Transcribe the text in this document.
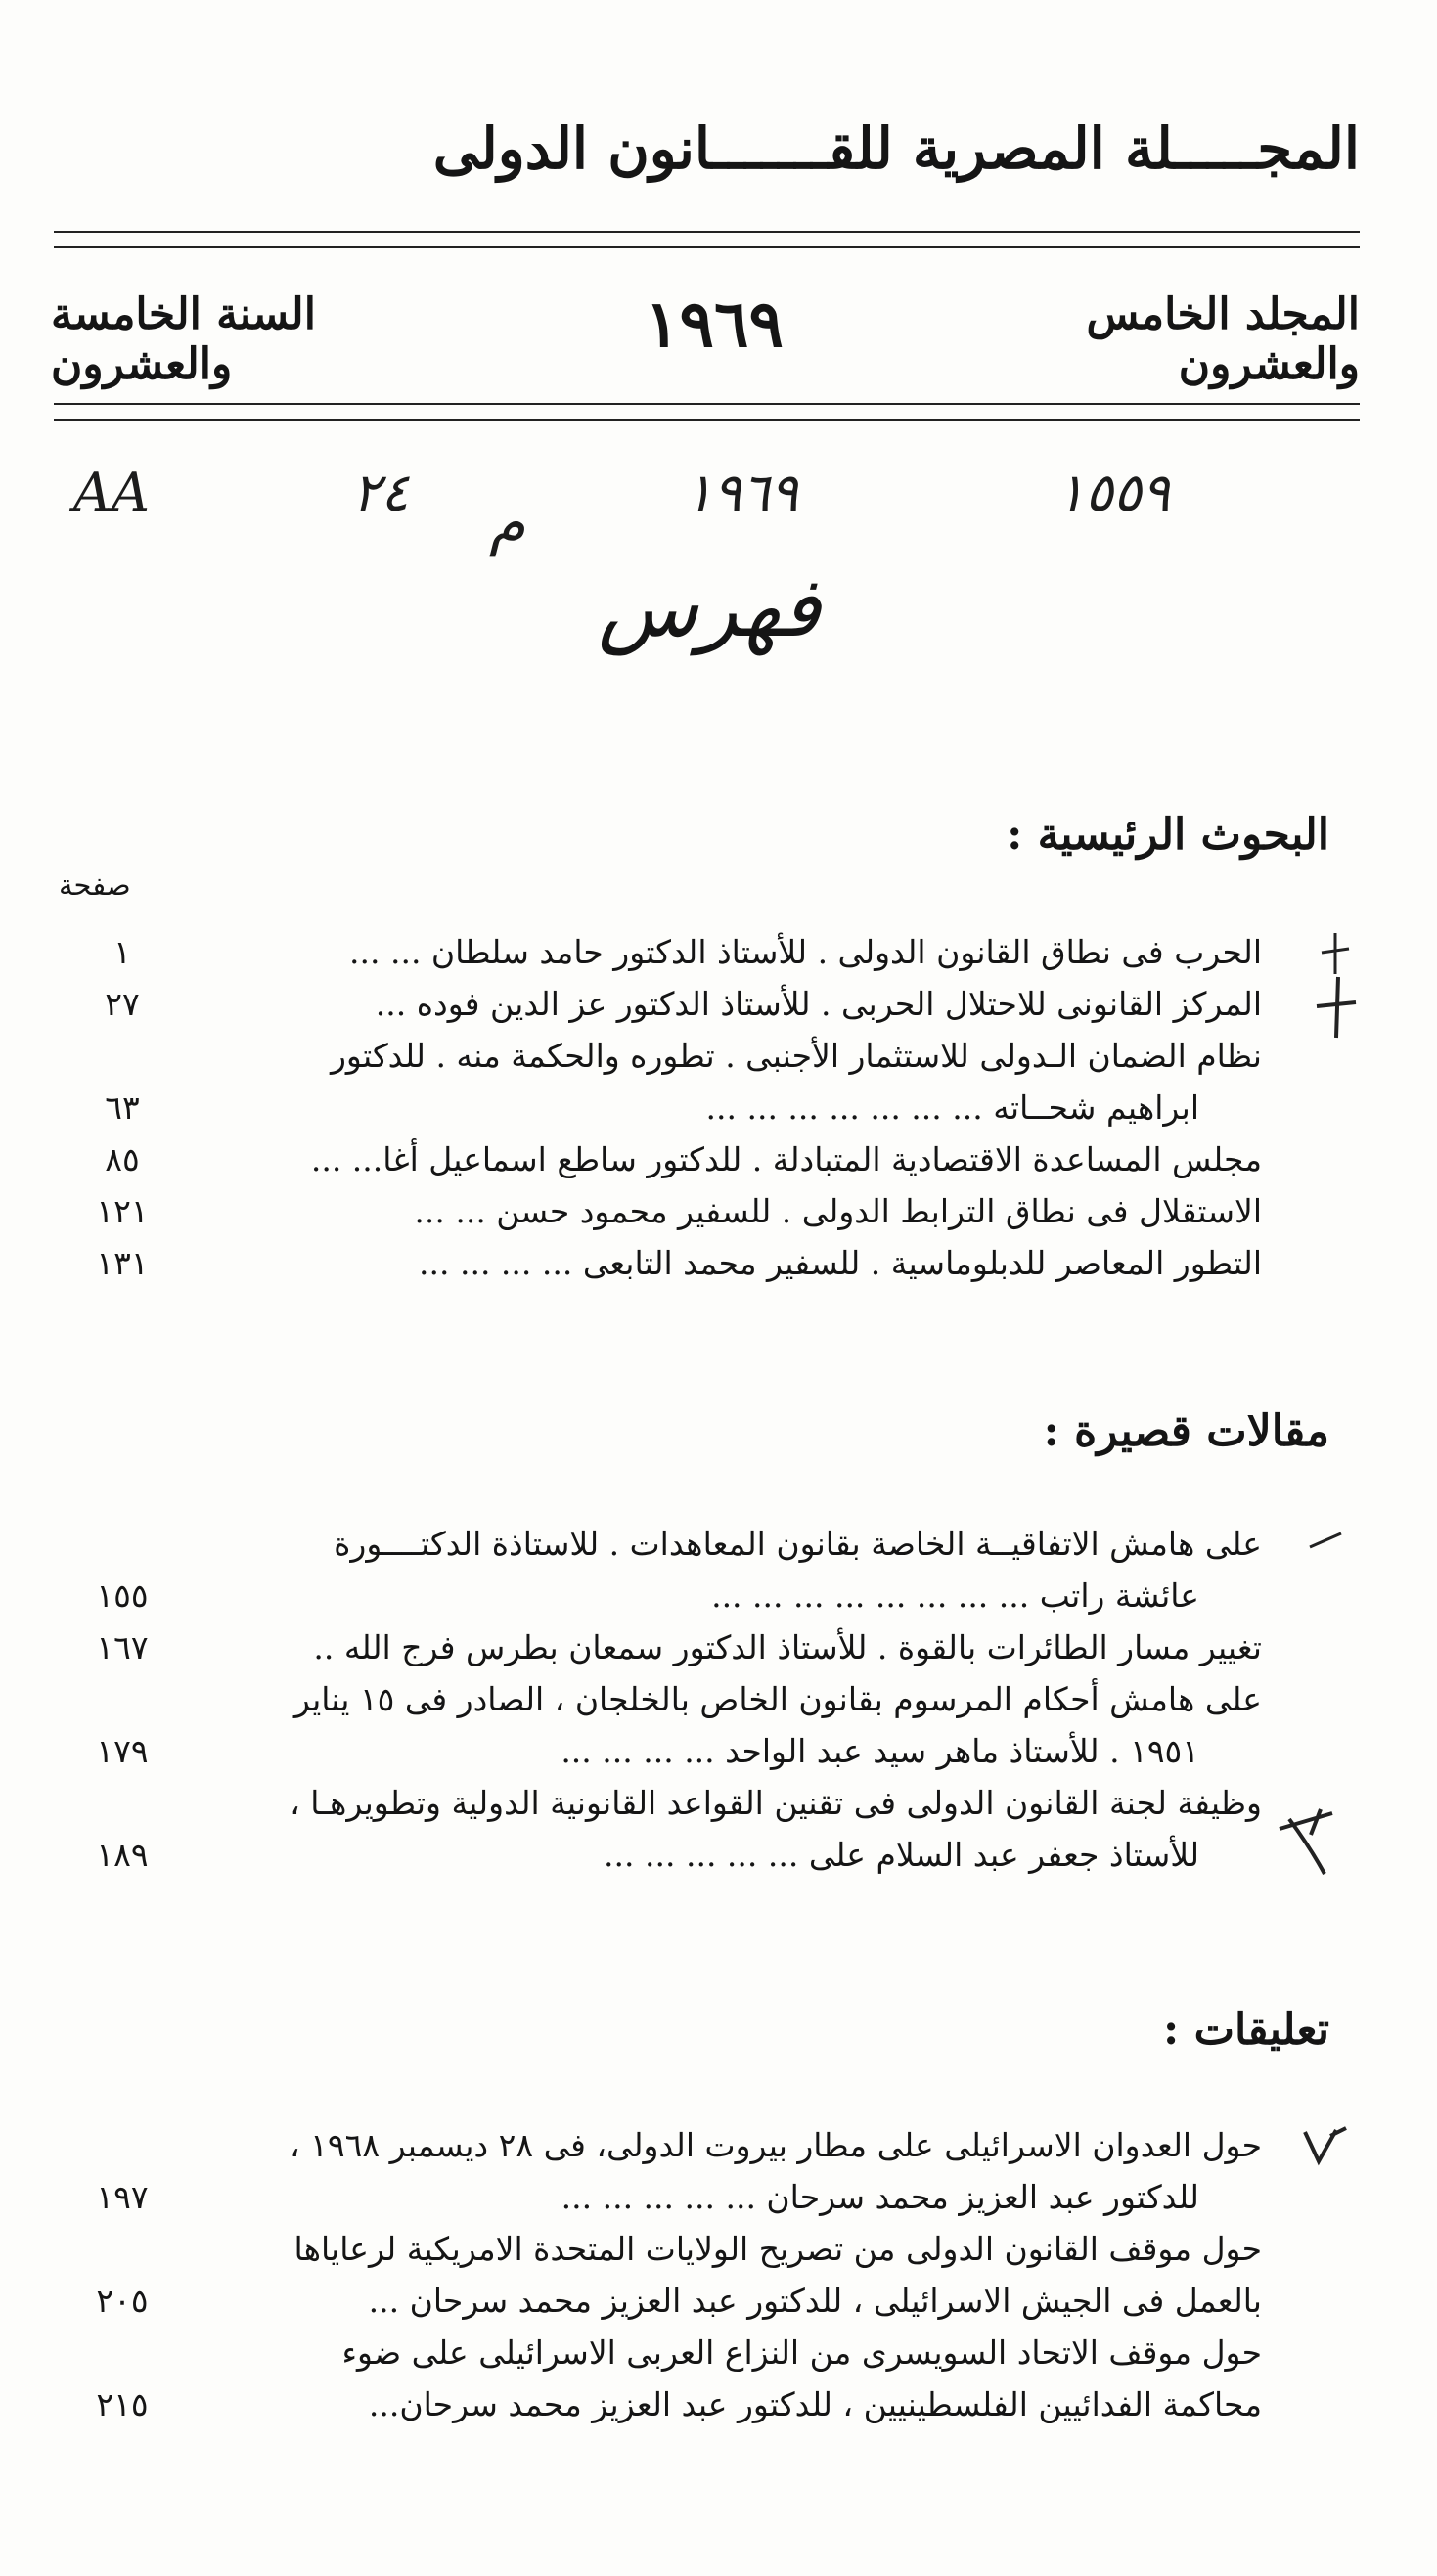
المجـــــلة المصرية للقـــــــانون الدولى
المجلد الخامس والعشرون
١٩٦٩
السنة الخامسة والعشرون
١٥٥٩
١٩٦٩
م
٢٤
AA
فهرس
صفحة
البحوث الرئيسية :
الحرب فى نطاق القانون الدولى . للأستاذ الدكتور حامد سلطان ... ...
١
المركز القانونى للاحتلال الحربى . للأستاذ الدكتور عز الدين فوده ...
٢٧
نظام الضمان الـدولى للاستثمار الأجنبى . تطوره والحكمة منه . للدكتور
ابراهيم شحــاته ... ... ... ... ... ... ...
٦٣
مجلس المساعدة الاقتصادية المتبادلة . للدكتور ساطع اسماعيل أغا... ...
٨٥
الاستقلال فى نطاق الترابط الدولى . للسفير محمود حسن ... ...
١٢١
التطور المعاصر للدبلوماسية . للسفير محمد التابعى ... ... ... ...
١٣١
مقالات قصيرة :
على هامش الاتفاقيــة الخاصة بقانون المعاهدات . للاستاذة الدكتــــورة
عائشة راتب ... ... ... ... ... ... ... ...
١٥٥
تغيير مسار الطائرات بالقوة . للأستاذ الدكتور سمعان بطرس فرج الله ..
١٦٧
على هامش أحكام المرسوم بقانون الخاص بالخلجان ، الصادر فى ١٥ يناير
١٩٥١ . للأستاذ ماهر سيد عبد الواحد ... ... ... ...
١٧٩
وظيفة لجنة القانون الدولى فى تقنين القواعد القانونية الدولية وتطويرهـا ،
للأستاذ جعفر عبد السلام على ... ... ... ... ...
١٨٩
تعليقات :
حول العدوان الاسرائيلى على مطار بيروت الدولى، فى ٢٨ ديسمبر ١٩٦٨ ،
للدكتور عبد العزيز محمد سرحان ... ... ... ... ...
١٩٧
حول موقف القانون الدولى من تصريح الولايات المتحدة الامريكية لرعاياها
بالعمل فى الجيش الاسرائيلى ، للدكتور عبد العزيز محمد سرحان ...
٢٠٥
حول موقف الاتحاد السويسرى من النزاع العربى الاسرائيلى على ضوء
محاكمة الفدائيين الفلسطينيين ، للدكتور عبد العزيز محمد سرحان...
٢١٥
